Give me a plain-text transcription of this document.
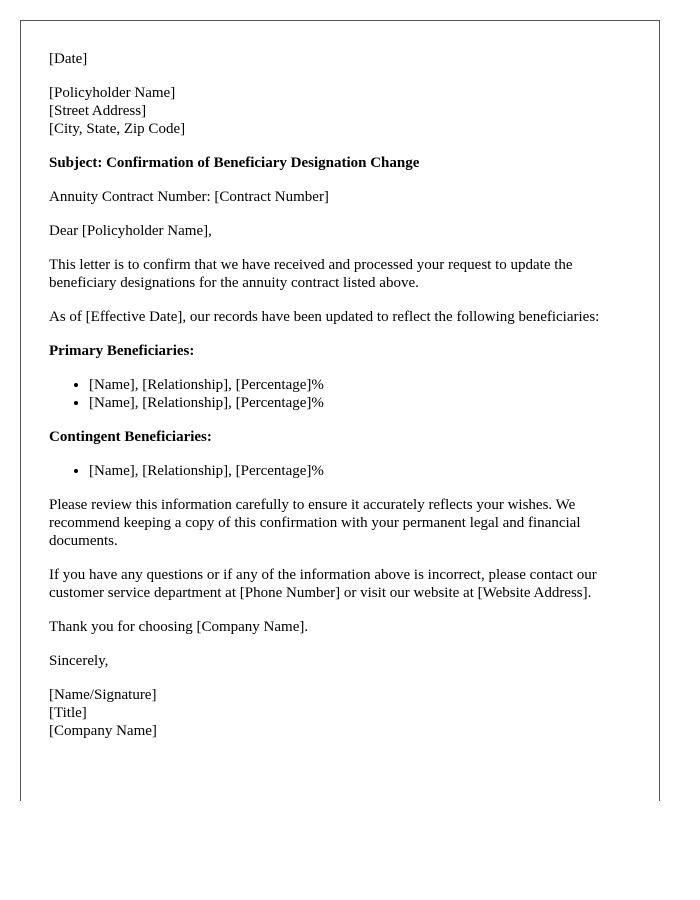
[Date]

[Policyholder Name]
[Street Address]
[City, State, Zip Code]

Subject: Confirmation of Beneficiary Designation Change

Annuity Contract Number: [Contract Number]

Dear [Policyholder Name],

This letter is to confirm that we have received and processed your request to update the beneficiary designations for the annuity contract listed above.

As of [Effective Date], our records have been updated to reflect the following beneficiaries:

Primary Beneficiaries:

• [Name], [Relationship], [Percentage]%
• [Name], [Relationship], [Percentage]%

Contingent Beneficiaries:

• [Name], [Relationship], [Percentage]%

Please review this information carefully to ensure it accurately reflects your wishes. We recommend keeping a copy of this confirmation with your permanent legal and financial documents.

If you have any questions or if any of the information above is incorrect, please contact our customer service department at [Phone Number] or visit our website at [Website Address].

Thank you for choosing [Company Name].

Sincerely,

[Name/Signature]
[Title]
[Company Name]
